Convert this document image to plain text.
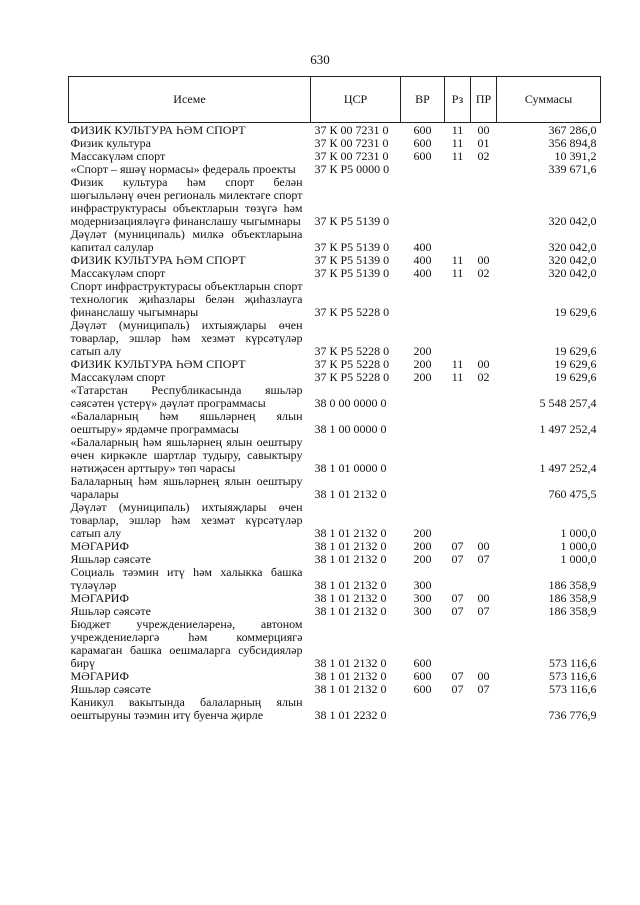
630
Исеме	ЦСР	ВР	Рз	ПР	Суммасы
ФИЗИК КУЛЬТУРА ҺӘМ СПОРТ	37 К 00 7231 0	600	11	00	367 286,0
Физик культура	37 К 00 7231 0	600	11	01	356 894,8
Массакүләм спорт	37 К 00 7231 0	600	11	02	10 391,2
«Спорт – яшәү нормасы» федераль проекты	37 К Р5 0000 0				339 671,6
Физик культура һәм спорт белән шөгыльләнү өчен региональ милектәге спорт инфраструктурасы объектларын төзүгә һәм модернизацияләүгә финанслашу чыгымнары	37 К Р5 5139 0				320 042,0
Дәүләт (муниципаль) милкә объектларына капитал салулар	37 К Р5 5139 0	400			320 042,0
ФИЗИК КУЛЬТУРА ҺӘМ СПОРТ	37 К Р5 5139 0	400	11	00	320 042,0
Массакүләм спорт	37 К Р5 5139 0	400	11	02	320 042,0
Спорт инфраструктурасы объектларын спорт технологик җиһазлары белән җиһазлауга финанслашу чыгымнары	37 К Р5 5228 0				19 629,6
Дәүләт (муниципаль) ихтыяҗлары өчен товарлар, эшләр һәм хезмәт күрсәтүләр сатып алу	37 К Р5 5228 0	200			19 629,6
ФИЗИК КУЛЬТУРА ҺӘМ СПОРТ	37 К Р5 5228 0	200	11	00	19 629,6
Массакүләм спорт	37 К Р5 5228 0	200	11	02	19 629,6
«Татарстан Республикасында яшьләр сәясәтен үстерү» дәүләт программасы	38 0 00 0000 0				5 548 257,4
«Балаларның һәм яшьләрнең ялын оештыру» ярдәмче программасы	38 1 00 0000 0				1 497 252,4
«Балаларның һәм яшьләрнең ялын оештыру өчен киркәкле шартлар тудыру, савыктыру нәтиҗәсен арттыру» төп чарасы	38 1 01 0000 0				1 497 252,4
Балаларның һәм яшьләрнең ялын оештыру чаралары	38 1 01 2132 0				760 475,5
Дәүләт (муниципаль) ихтыяҗлары өчен товарлар, эшләр һәм хезмәт күрсәтүләр сатып алу	38 1 01 2132 0	200			1 000,0
МӘГАРИФ	38 1 01 2132 0	200	07	00	1 000,0
Яшьләр сәясәте	38 1 01 2132 0	200	07	07	1 000,0
Социаль тәэмин итү һәм халыкка башка түләүләр	38 1 01 2132 0	300			186 358,9
МӘГАРИФ	38 1 01 2132 0	300	07	00	186 358,9
Яшьләр сәясәте	38 1 01 2132 0	300	07	07	186 358,9
Бюджет учреждениеләренә, автоном учреждениеләргә һәм коммерциягә карамаган башка оешмаларга субсидияләр бирү	38 1 01 2132 0	600			573 116,6
МӘГАРИФ	38 1 01 2132 0	600	07	00	573 116,6
Яшьләр сәясәте	38 1 01 2132 0	600	07	07	573 116,6
Каникул вакытында балаларның ялын оештыруны тәэмин итү буенча җирле	38 1 01 2232 0				736 776,9
